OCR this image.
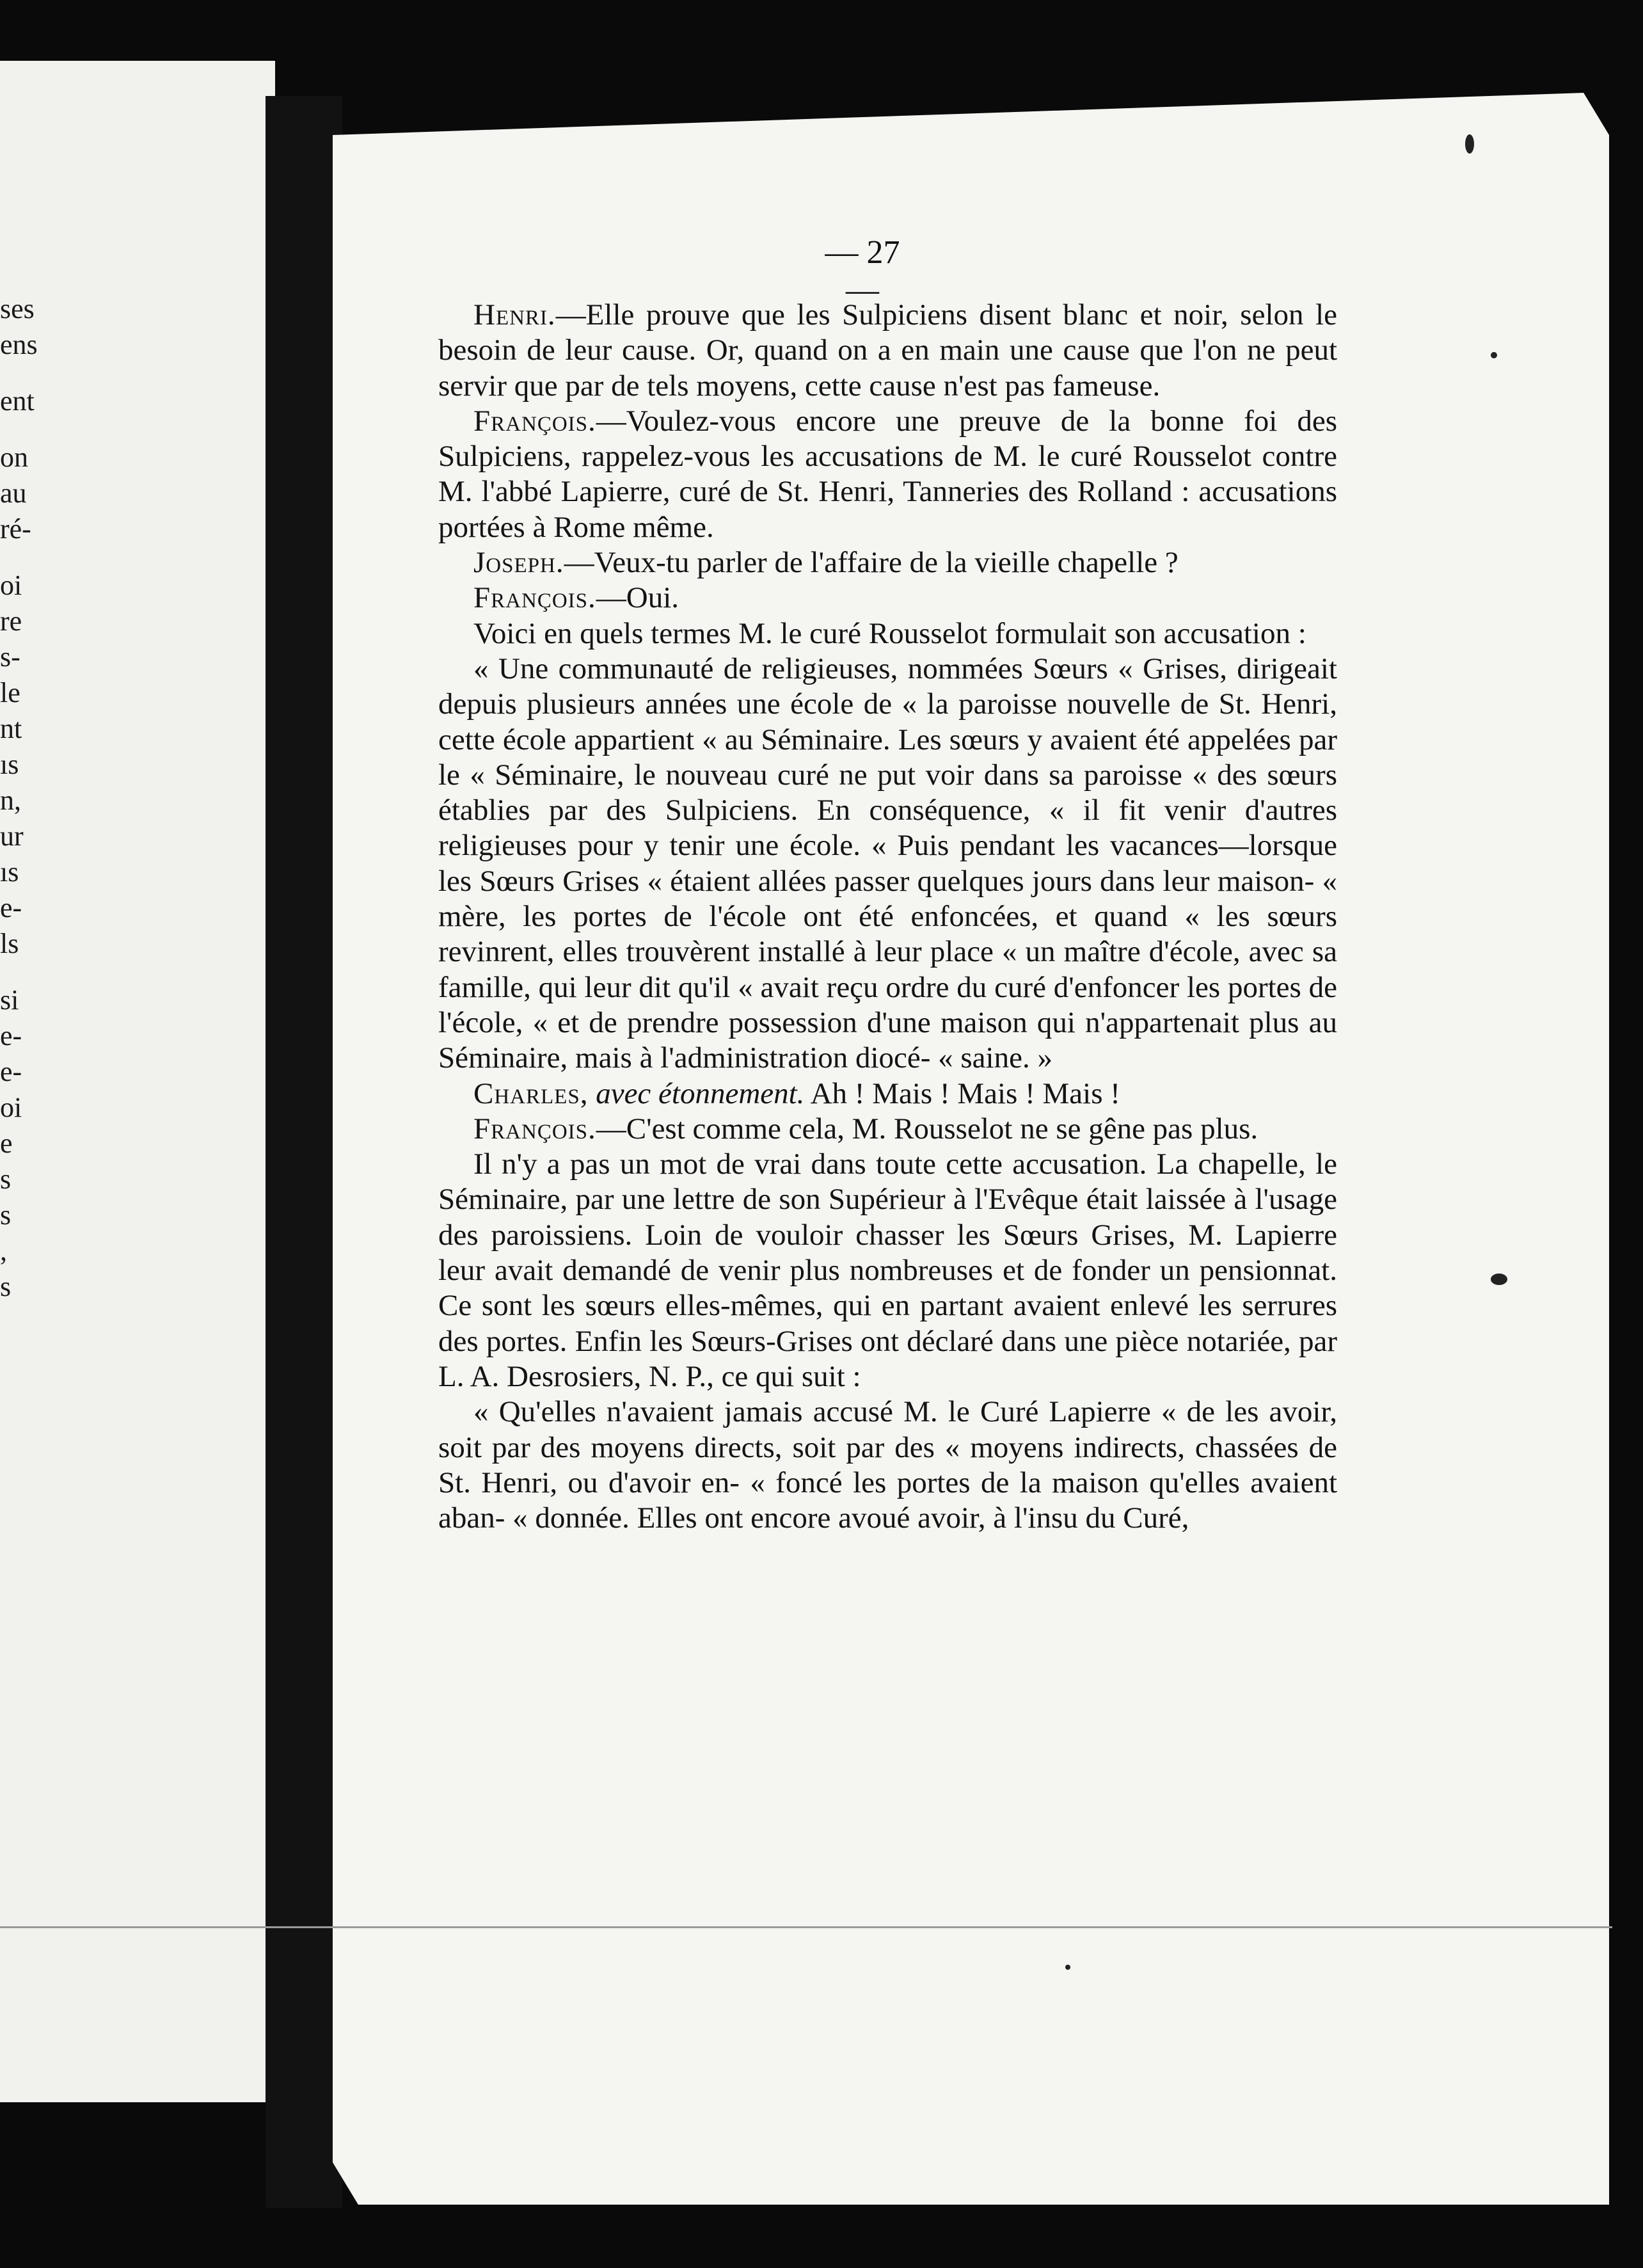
ses
ens
ent
on
au
ré-
oi
re
s-
le
nt
ıs
n,
ur
ıs
e-
ls
si
e-
e-
oi
e
s
s
,
s
— 27 —

Henri.—Elle prouve que les Sulpiciens disent blanc et noir, selon le besoin de leur cause. Or, quand on a en main une cause que l'on ne peut servir que par de tels moyens, cette cause n'est pas fameuse.

François.—Voulez-vous encore une preuve de la bonne foi des Sulpiciens, rappelez-vous les accusations de M. le curé Rousselot contre M. l'abbé Lapierre, curé de St. Henri, Tanneries des Rolland : accusations portées à Rome même.

Joseph.—Veux-tu parler de l'affaire de la vieille chapelle ?

François.—Oui.

Voici en quels termes M. le curé Rousselot formulait son accusation :

« Une communauté de religieuses, nommées Sœurs « Grises, dirigeait depuis plusieurs années une école de « la paroisse nouvelle de St. Henri, cette école appartient « au Séminaire. Les sœurs y avaient été appelées par le « Séminaire, le nouveau curé ne put voir dans sa paroisse « des sœurs établies par des Sulpiciens. En conséquence, « il fit venir d'autres religieuses pour y tenir une école. « Puis pendant les vacances—lorsque les Sœurs Grises « étaient allées passer quelques jours dans leur maison- « mère, les portes de l'école ont été enfoncées, et quand « les sœurs revinrent, elles trouvèrent installé à leur place « un maître d'école, avec sa famille, qui leur dit qu'il « avait reçu ordre du curé d'enfoncer les portes de l'école, « et de prendre possession d'une maison qui n'appartenait plus au Séminaire, mais à l'administration diocé- « saine. »

Charles, avec étonnement. Ah ! Mais ! Mais ! Mais !

François.—C'est comme cela, M. Rousselot ne se gêne pas plus.

Il n'y a pas un mot de vrai dans toute cette accusation. La chapelle, le Séminaire, par une lettre de son Supérieur à l'Evêque était laissée à l'usage des paroissiens. Loin de vouloir chasser les Sœurs Grises, M. Lapierre leur avait demandé de venir plus nombreuses et de fonder un pensionnat. Ce sont les sœurs elles-mêmes, qui en partant avaient enlevé les serrures des portes. Enfin les Sœurs-Grises ont déclaré dans une pièce notariée, par L. A. Desrosiers, N. P., ce qui suit :

« Qu'elles n'avaient jamais accusé M. le Curé Lapierre « de les avoir, soit par des moyens directs, soit par des « moyens indirects, chassées de St. Henri, ou d'avoir en- « foncé les portes de la maison qu'elles avaient aban- « donnée. Elles ont encore avoué avoir, à l'insu du Curé,
